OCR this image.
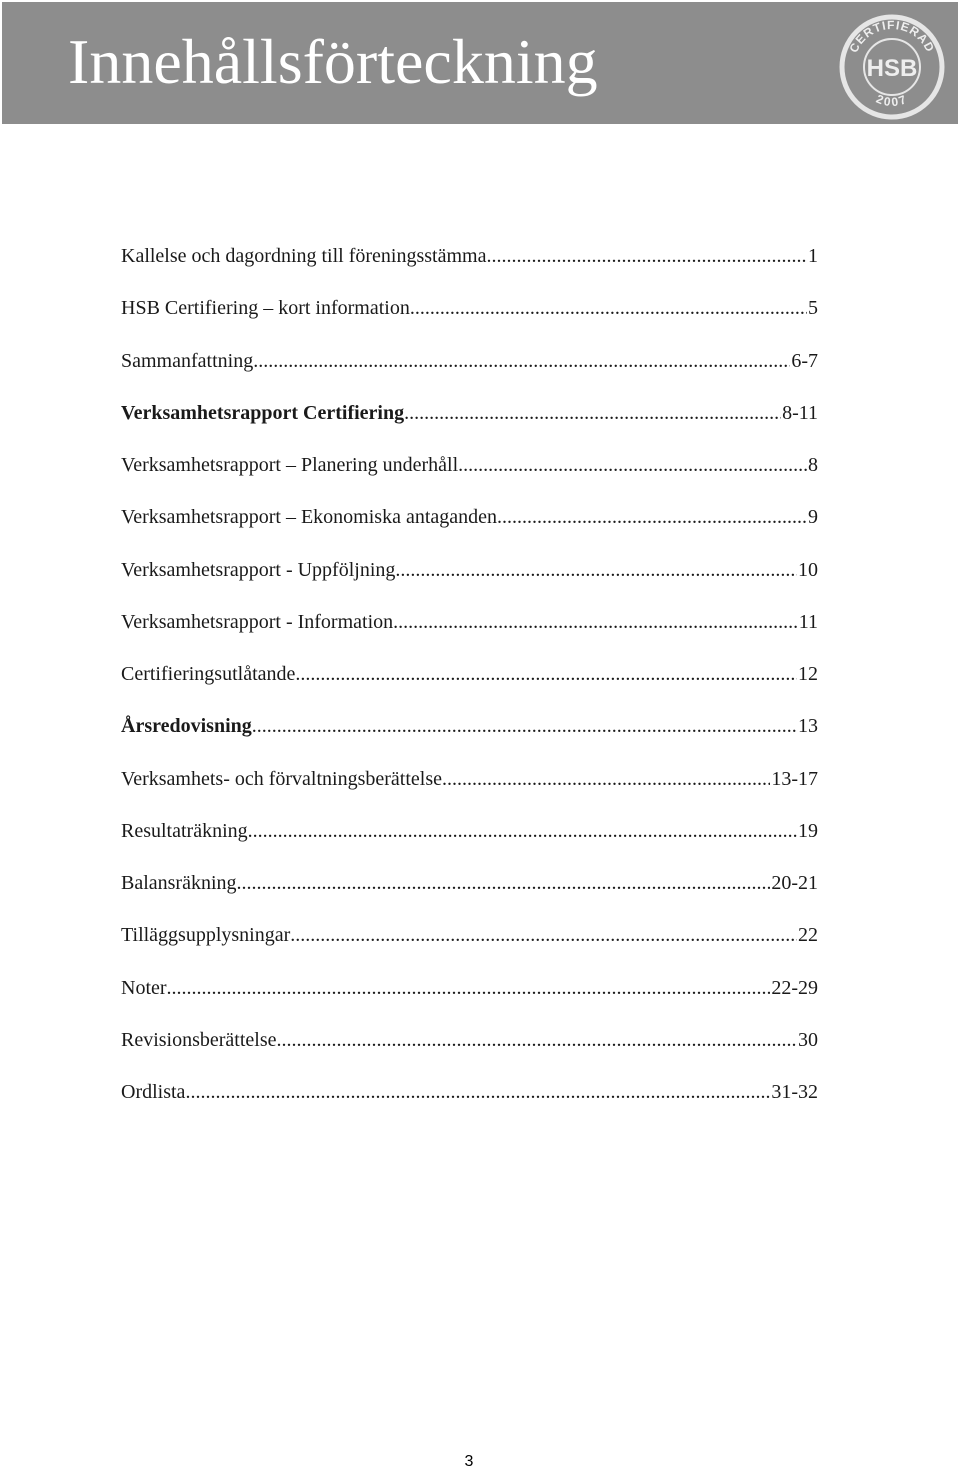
Innehållsförteckning	CERTIFIERAD
HSB
2007
Kallelse och dagordning till föreningsstämma .....	1
HSB Certifiering – kort information .....	5
Sammanfattning .....	6-7
Verksamhetsrapport Certifiering .....	8-11
Verksamhetsrapport – Planering underhåll .....	8
Verksamhetsrapport – Ekonomiska antaganden .....	9
Verksamhetsrapport - Uppföljning .....	10
Verksamhetsrapport - Information .....	11
Certifieringsutlåtande .....	12
Årsredovisning .....	13
Verksamhets- och förvaltningsberättelse .....	13-17
Resultaträkning .....	19
Balansräkning .....	20-21
Tilläggsupplysningar .....	22
Noter .....	22-29
Revisionsberättelse .....	30
Ordlista .....	31-32
3
